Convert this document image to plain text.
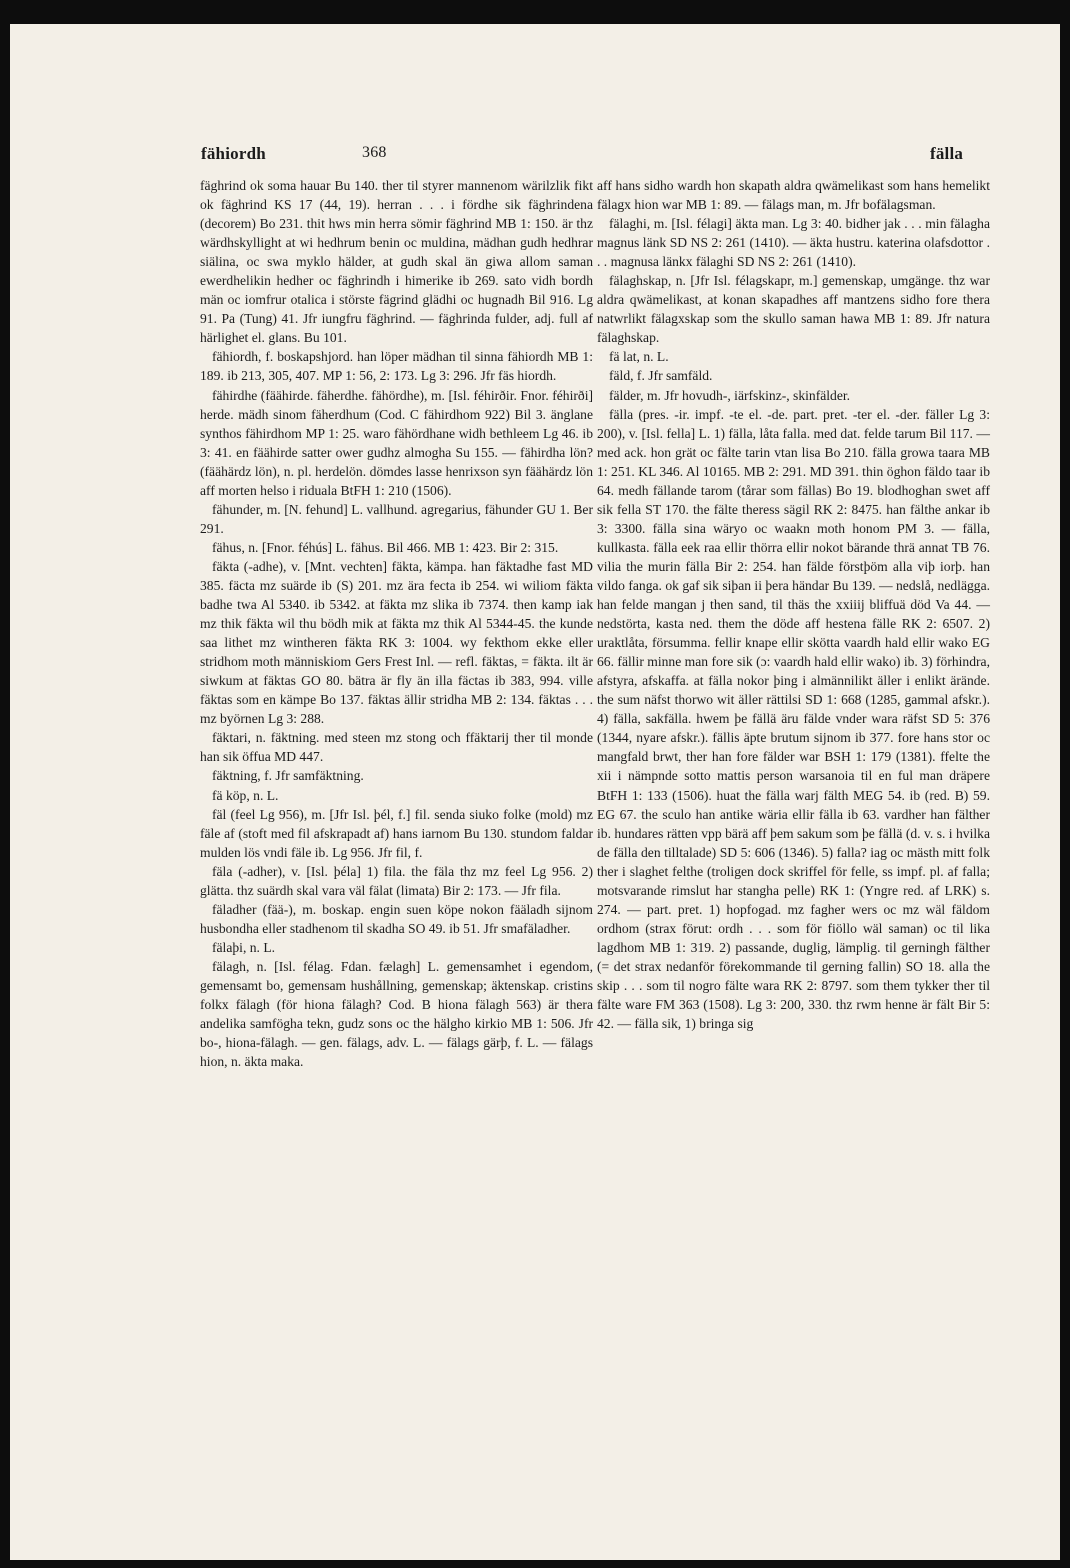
fähiordh	368	fälla

fäghrind ok soma hauar Bu 140. ther til styrer mannenom wärilzlik fikt ok fäghrind KS 17 (44, 19). herran . . . i fördhe sik fäghrindena (decorem) Bo 231. thit hws min herra sömir fäghrind MB 1: 150. är thz wärdhskyllight at wi hedhrum benin oc muldina, mädhan gudh hedhrar siälina, oc swa myklo hälder, at gudh skal än giwa allom saman ewerdhelikin hedher oc fäghrindh i himerike ib 269. sato vidh bordh män oc iomfrur otalica i störste fägrind glädhi oc hugnadh Bil 916. Lg 91. Pa (Tung) 41. Jfr iungfru fäghrind. — fäghrinda fulder, adj. full af härlighet el. glans. Bu 101.

fähiordh, f. boskapshjord. han löper mädhan til sinna fähiordh MB 1: 189. ib 213, 305, 407. MP 1: 56, 2: 173. Lg 3: 296. Jfr fäs hiordh.

fähirdhe (fäähirde. fäherdhe. fähördhe), m. [Isl. féhirðir. Fnor. féhirði] herde. mädh sinom fäherdhum (Cod. C fähirdhom 922) Bil 3. änglane synthos fähirdhom MP 1: 25. waro fähördhane widh bethleem Lg 46. ib 3: 41. en fäähirde satter ower gudhz almogha Su 155. — fähirdha lön? (fäähärdz lön), n. pl. herdelön. dömdes lasse henrixson syn fäähärdz lön aff morten helso i riduala BtFH 1: 210 (1506).

fähunder, m. [N. fehund] L. vallhund. agregarius, fähunder GU 1. Ber 291.

fähus, n. [Fnor. féhús] L. fähus. Bil 466. MB 1: 423. Bir 2: 315.

fäkta (-adhe), v. [Mnt. vechten] fäkta, kämpa. han fäktadhe fast MD 385. fäcta mz suärde ib (S) 201. mz ära fecta ib 254. wi wiliom fäkta badhe twa Al 5340. ib 5342. at fäkta mz slika ib 7374. then kamp iak mz thik fäkta wil thu bödh mik at fäkta mz thik Al 5344-45. the kunde saa lithet mz wintheren fäkta RK 3: 1004. wy fekthom ekke eller stridhom moth människiom Gers Frest Inl. — refl. fäktas, = fäkta. ilt är siwkum at fäktas GO 80. bätra är fly än illa fäctas ib 383, 994. ville fäktas som en kämpe Bo 137. fäktas ällir stridha MB 2: 134. fäktas . . . mz byörnen Lg 3: 288.

fäktari, n. fäktning. med steen mz stong och ffäktarij ther til monde han sik öffua MD 447.

fäktning, f. Jfr samfäktning.

fä köp, n. L.

fäl (feel Lg 956), m. [Jfr Isl. þél, f.] fil. senda siuko folke (mold) mz fäle af (stoft med fil afskrapadt af) hans iarnom Bu 130. stundom faldar mulden lös vndi fäle ib. Lg 956. Jfr fil, f.

fäla (-adher), v. [Isl. þéla] 1) fila. the fäla thz mz feel Lg 956. 2) glätta. thz suärdh skal vara väl fälat (limata) Bir 2: 173. — Jfr fila.

fäladher (fää-), m. boskap. engin suen köpe nokon fääladh sijnom husbondha eller stadhenom til skadha SO 49. ib 51. Jfr smafäladher.

fälaþi, n. L.

fälagh, n. [Isl. félag. Fdan. fælagh] L. gemensamhet i egendom, gemensamt bo, gemensam hushållning, gemenskap; äktenskap. cristins folkx fälagh (för hiona fälagh? Cod. B hiona fälagh 563) är thera andelika samfögha tekn, gudz sons oc the hälgho kirkio MB 1: 506. Jfr bo-, hiona-fälagh. — gen. fälags, adv. L. — fälags gärþ, f. L. — fälags hion, n. äkta maka.

aff hans sidho wardh hon skapath aldra qwämelikast som hans hemelikt fälagx hion war MB 1: 89. — fälags man, m. Jfr bofälagsman.

fälaghi, m. [Isl. félagi] äkta man. Lg 3: 40. bidher jak . . . min fälagha magnus länk SD NS 2: 261 (1410). — äkta hustru. katerina olafsdottor . . . magnusa länkx fälaghi SD NS 2: 261 (1410).

fälaghskap, n. [Jfr Isl. félagskapr, m.] gemenskap, umgänge. thz war aldra qwämelikast, at konan skapadhes aff mantzens sidho fore thera natwrlikt fälagxskap som the skullo saman hawa MB 1: 89. Jfr natura fälaghskap.

fä lat, n. L.

fäld, f. Jfr samfäld.

fälder, m. Jfr hovudh-, iärfskinz-, skinfälder.

fälla (pres. -ir. impf. -te el. -de. part. pret. -ter el. -der. fäller Lg 3: 200), v. [Isl. fella] L. 1) fälla, låta falla. med dat. felde tarum Bil 117. — med ack. hon grät oc fälte tarin vtan lisa Bo 210. fälla growa taara MB 1: 251. KL 346. Al 10165. MB 2: 291. MD 391. thin öghon fäldo taar ib 64. medh fällande tarom (tårar som fällas) Bo 19. blodhoghan swet aff sik fella ST 170. the fälte theress sägil RK 2: 8475. han fälthe ankar ib 3: 3300. fälla sina wäryo oc waakn moth honom PM 3. — fälla, kullkasta. fälla eek raa ellir thörra ellir nokot bärande thrä annat TB 76. vilia the murin fälla Bir 2: 254. han fälde förstþöm alla viþ iorþ. han vildo fanga. ok gaf sik siþan ii þera händar Bu 139. — nedslå, nedlägga. han felde mangan j then sand, til thäs the xxiiij bliffuä död Va 44. — nedstörta, kasta ned. them the döde aff hestena fälle RK 2: 6507. 2) uraktlåta, försumma. fellir knape ellir skötta vaardh hald ellir wako EG 66. fällir minne man fore sik (ɔ: vaardh hald ellir wako) ib. 3) förhindra, afstyra, afskaffa. at fälla nokor þing i almännilikt äller i enlikt ärände. the sum näfst thorwo wit äller rättilsi SD 1: 668 (1285, gammal afskr.). 4) fälla, sakfälla. hwem þe fällä äru fälde vnder wara räfst SD 5: 376 (1344, nyare afskr.). fällis äpte brutum sijnom ib 377. fore hans stor oc mangfald brwt, ther han fore fälder war BSH 1: 179 (1381). ffelte the xii i nämpnde sotto mattis person warsanoia til en ful man dräpere BtFH 1: 133 (1506). huat the fälla warj fälth MEG 54. ib (red. B) 59. EG 67. the sculo han antike wäria ellir fälla ib 63. vardher han fälther ib. hundares rätten vpp bärä aff þem sakum som þe fällä (d. v. s. i hvilka de fälla den tilltalade) SD 5: 606 (1346). 5) falla? iag oc mästh mitt folk ther i slaghet felthe (troligen dock skriffel för felle, ss impf. pl. af falla; motsvarande rimslut har stangha pelle) RK 1: (Yngre red. af LRK) s. 274. — part. pret. 1) hopfogad. mz fagher wers oc mz wäl fäldom ordhom (strax förut: ordh . . . som för fiöllo wäl saman) oc til lika lagdhom MB 1: 319. 2) passande, duglig, lämplig. til gerningh fälther (= det strax nedanför förekommande til gerning fallin) SO 18. alla the skip . . . som til nogro fälte wara RK 2: 8797. som them tykker ther til fälte ware FM 363 (1508). Lg 3: 200, 330. thz rwm henne är fält Bir 5: 42. — fälla sik, 1) bringa sig
